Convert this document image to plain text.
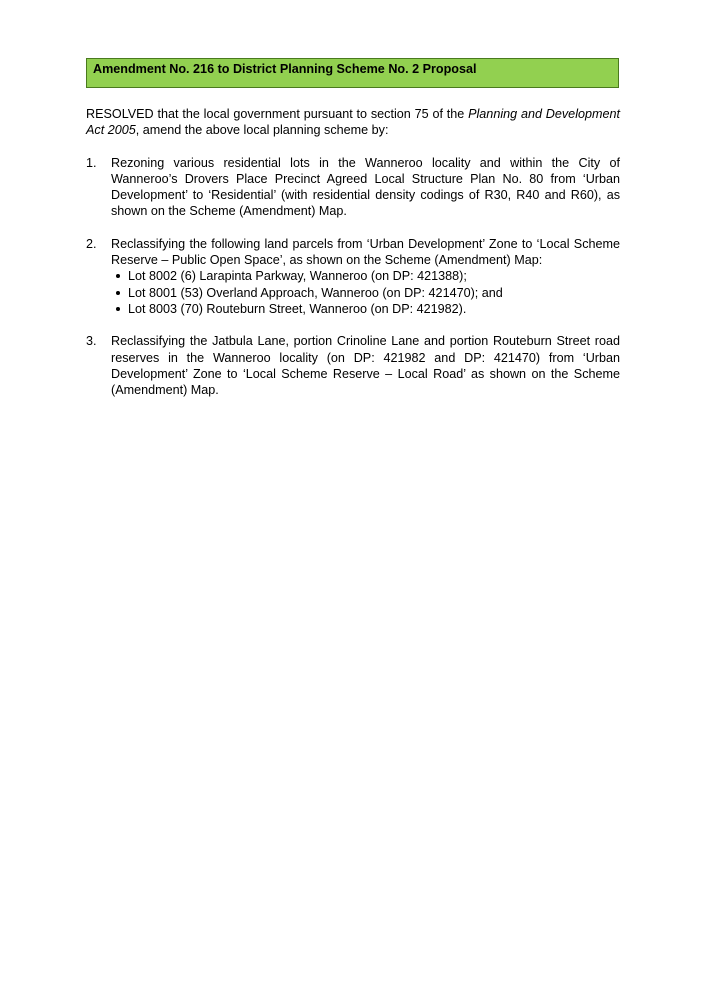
Amendment No. 216 to District Planning Scheme No. 2 Proposal

RESOLVED that the local government pursuant to section 75 of the Planning and Development Act 2005, amend the above local planning scheme by:

1. Rezoning various residential lots in the Wanneroo locality and within the City of Wanneroo’s Drovers Place Precinct Agreed Local Structure Plan No. 80 from ‘Urban Development’ to ‘Residential’ (with residential density codings of R30, R40 and R60), as shown on the Scheme (Amendment) Map.

2. Reclassifying the following land parcels from ‘Urban Development’ Zone to ‘Local Scheme Reserve – Public Open Space’, as shown on the Scheme (Amendment) Map:

Lot 8002 (6) Larapinta Parkway, Wanneroo (on DP: 421388);
Lot 8001 (53) Overland Approach, Wanneroo (on DP: 421470); and
Lot 8003 (70) Routeburn Street, Wanneroo (on DP: 421982).
3. Reclassifying the Jatbula Lane, portion Crinoline Lane and portion Routeburn Street road reserves in the Wanneroo locality (on DP: 421982 and DP: 421470) from ‘Urban Development’ Zone to ‘Local Scheme Reserve – Local Road’ as shown on the Scheme (Amendment) Map.
